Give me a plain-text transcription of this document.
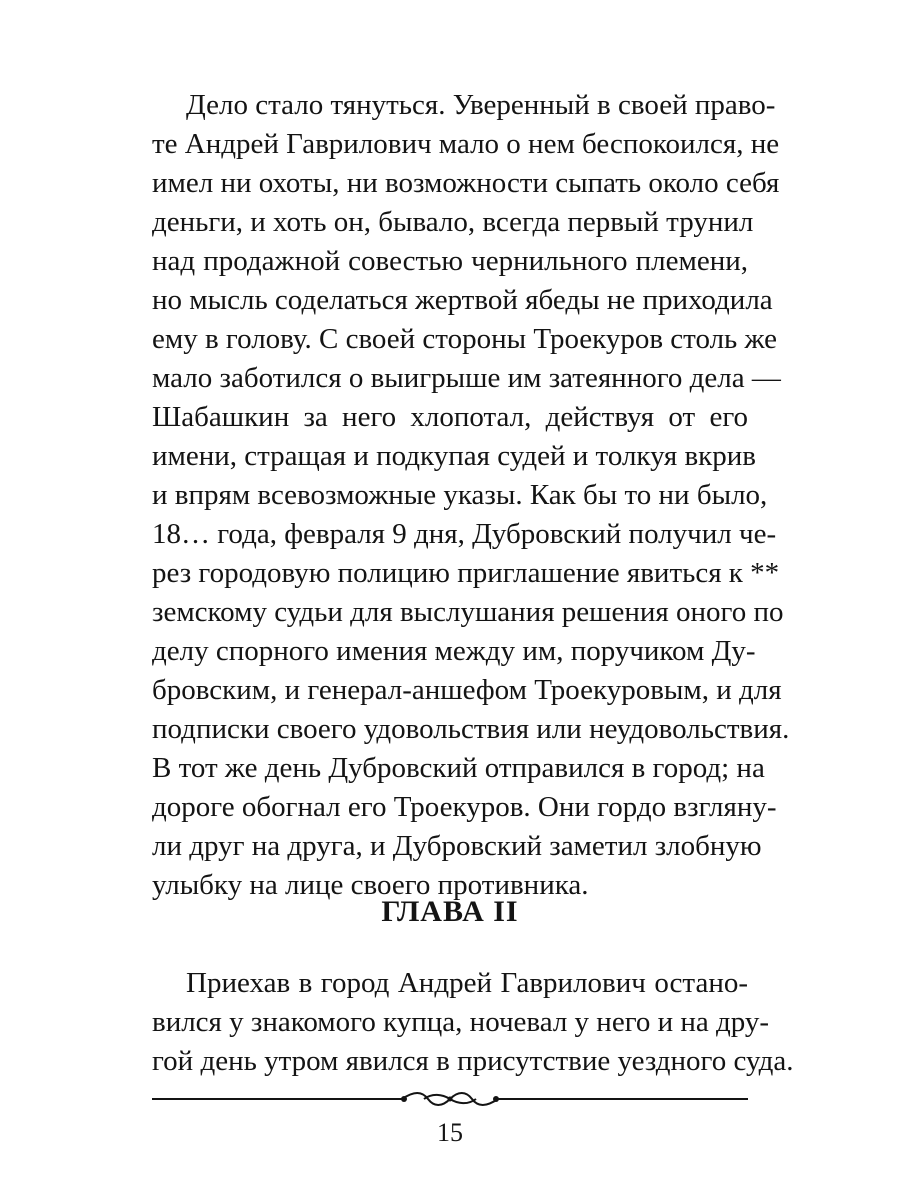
Дело стало тянуться. Уверенный в своей право-
те Андрей Гаврилович мало о нем беспокоился, не
имел ни охоты, ни возможности сыпать около себя
деньги, и хоть он, бывало, всегда первый трунил
над продажной совестью чернильного племени,
но мысль соделаться жертвой ябеды не приходила
ему в голову. С своей стороны Троекуров столь же
мало заботился о выигрыше им затеянного дела —
Шабашкин за него хлопотал, действуя от его
имени, стращая и подкупая судей и толкуя вкрив
и впрям всевозможные указы. Как бы то ни было,
18… года, февраля 9 дня, Дубровский получил че-
рез городовую полицию приглашение явиться к **
земскому судьи для выслушания решения оного по
делу спорного имения между им, поручиком Ду-
бровским, и генерал-аншефом Троекуровым, и для
подписки своего удовольствия или неудовольствия.
В тот же день Дубровский отправился в город; на
дороге обогнал его Троекуров. Они гордо взгляну-
ли друг на друга, и Дубровский заметил злобную
улыбку на лице своего противника.

ГЛАВА II
Приехав в город Андрей Гаврилович остано-
вился у знакомого купца, ночевал у него и на дру-
гой день утром явился в присутствие уездного суда.
15
